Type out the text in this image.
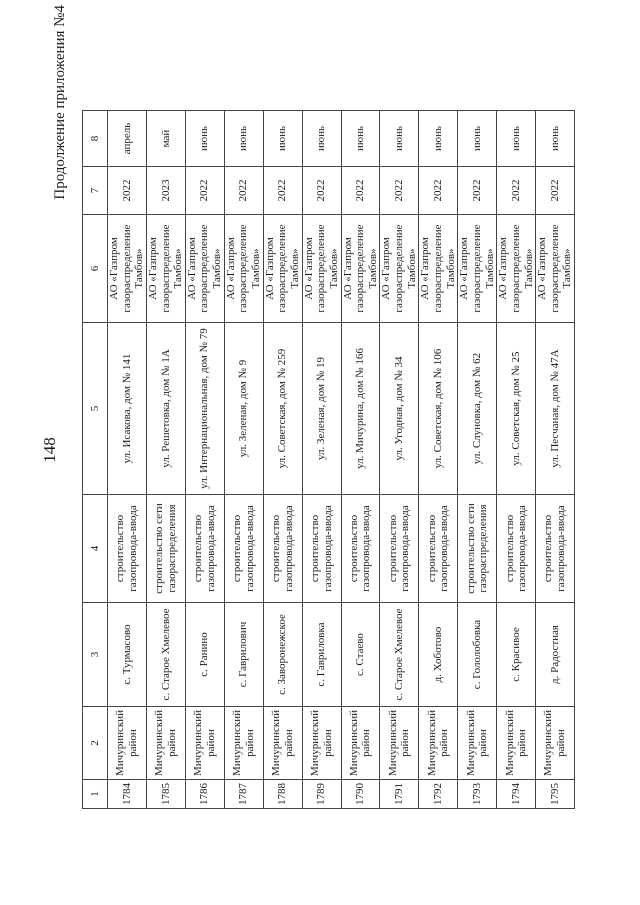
148
Продолжение приложения №4
1	2	3	4	5	6	7	8
1784	Мичуринский район	с. Турмасово	строительство газопровода-ввода	ул. Исакова, дом № 141	АО «Газпром газораспределение Тамбов»	2022	апрель
1785	Мичуринский район	с. Старое Хмелевое	строительство сети газораспределения	ул. Решетовка, дом № 1А	АО «Газпром газораспределение Тамбов»	2023	май
1786	Мичуринский район	с. Ранино	строительство газопровода-ввода	ул. Интернациональная, дом № 79	АО «Газпром газораспределение Тамбов»	2022	июнь
1787	Мичуринский район	с. Гаврилович	строительство газопровода-ввода	ул. Зеленая, дом № 9	АО «Газпром газораспределение Тамбов»	2022	июнь
1788	Мичуринский район	с. Заворонежское	строительство газопровода-ввода	ул. Советская, дом № 259	АО «Газпром газораспределение Тамбов»	2022	июнь
1789	Мичуринский район	с. Гавриловка	строительство газопровода-ввода	ул. Зеленая, дом № 19	АО «Газпром газораспределение Тамбов»	2022	июнь
1790	Мичуринский район	с. Стаево	строительство газопровода-ввода	ул. Мичурина, дом № 166	АО «Газпром газораспределение Тамбов»	2022	июнь
1791	Мичуринский район	с. Старое Хмелевое	строительство газопровода-ввода	ул. Угодная, дом № 34	АО «Газпром газораспределение Тамбов»	2022	июнь
1792	Мичуринский район	д. Хоботово	строительство газопровода-ввода	ул. Советская, дом № 106	АО «Газпром газораспределение Тамбов»	2022	июнь
1793	Мичуринский район	с. Гололобовка	строительство сети газораспределения	ул. Слуновка, дом № 62	АО «Газпром газораспределение Тамбов»	2022	июнь
1794	Мичуринский район	с. Красивое	строительство газопровода-ввода	ул. Советская, дом № 25	АО «Газпром газораспределение Тамбов»	2022	июнь
1795	Мичуринский район	д. Радостная	строительство газопровода-ввода	ул. Песчаная, дом № 47А	АО «Газпром газораспределение Тамбов»	2022	июнь
